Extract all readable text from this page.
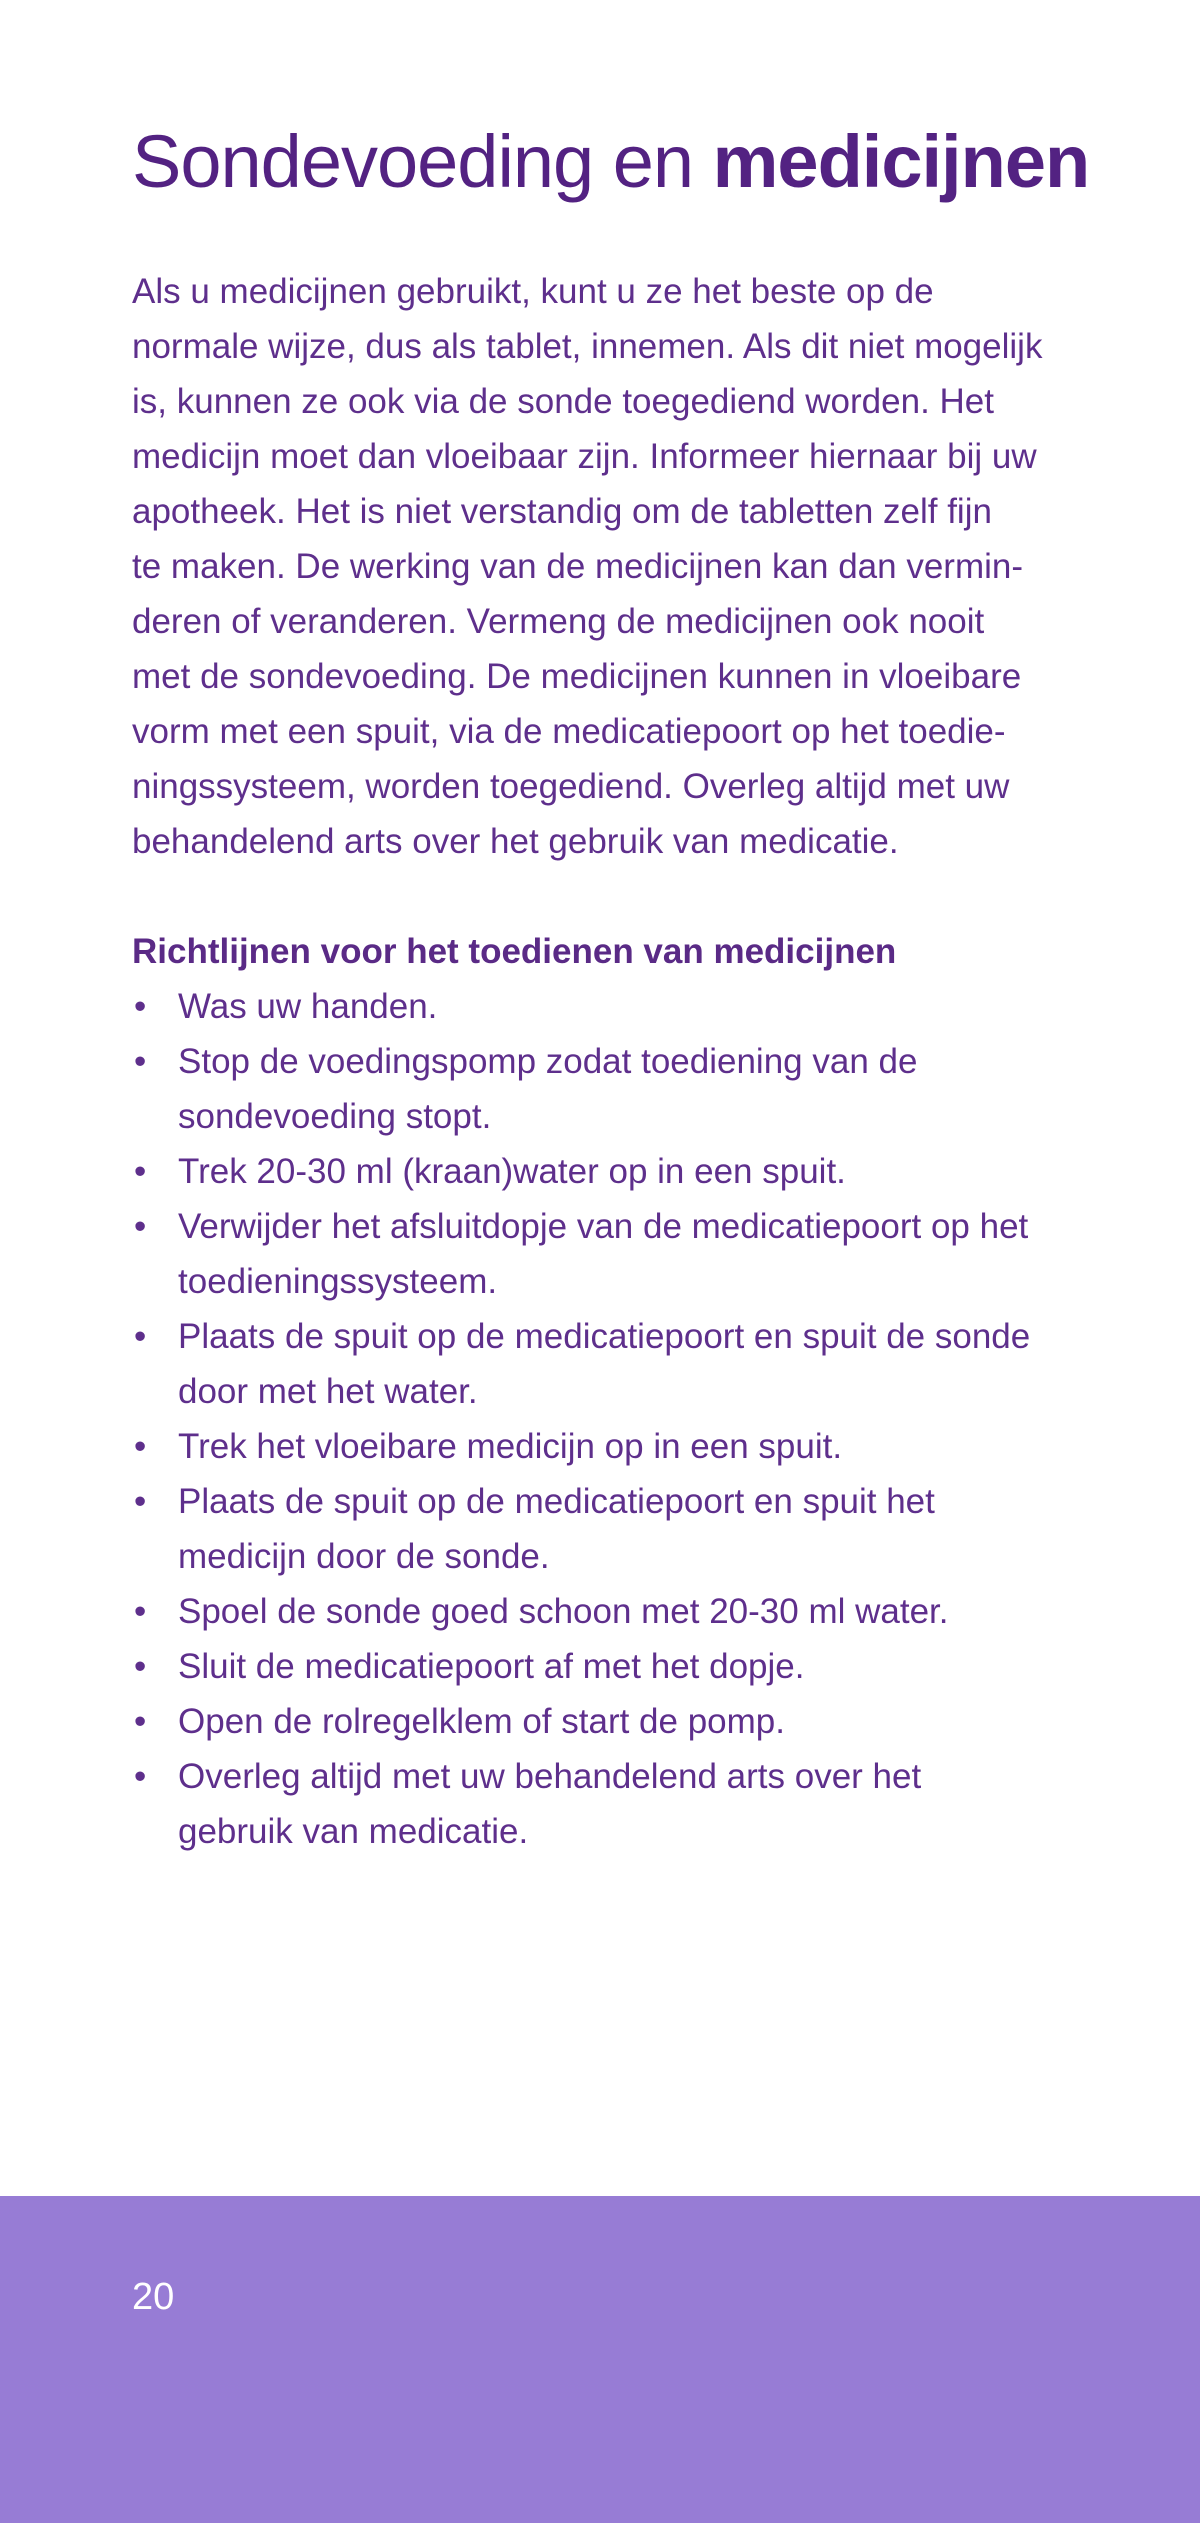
Sondevoeding en medicijnen

Als u medicijnen gebruikt, kunt u ze het beste op de
normale wijze, dus als tablet, innemen. Als dit niet mogelijk
is, kunnen ze ook via de sonde toegediend worden. Het
medicijn moet dan vloeibaar zijn. Informeer hiernaar bij uw
apotheek. Het is niet verstandig om de tabletten zelf fijn
te maken. De werking van de medicijnen kan dan vermin-
deren of veranderen. Vermeng de medicijnen ook nooit
met de sondevoeding. De medicijnen kunnen in vloeibare
vorm met een spuit, via de medicatiepoort op het toedie-
ningssysteem, worden toegediend. Overleg altijd met uw
behandelend arts over het gebruik van medicatie.

Richtlijnen voor het toedienen van medicijnen
• Was uw handen.
• Stop de voedingspomp zodat toediening van de
sondevoeding stopt.
• Trek 20-30 ml (kraan)water op in een spuit.
• Verwijder het afsluitdopje van de medicatiepoort op het
toedieningssysteem.
• Plaats de spuit op de medicatiepoort en spuit de sonde
door met het water.
• Trek het vloeibare medicijn op in een spuit.
• Plaats de spuit op de medicatiepoort en spuit het
medicijn door de sonde.
• Spoel de sonde goed schoon met 20-30 ml water.
• Sluit de medicatiepoort af met het dopje.
• Open de rolregelklem of start de pomp.
• Overleg altijd met uw behandelend arts over het
gebruik van medicatie.

20
